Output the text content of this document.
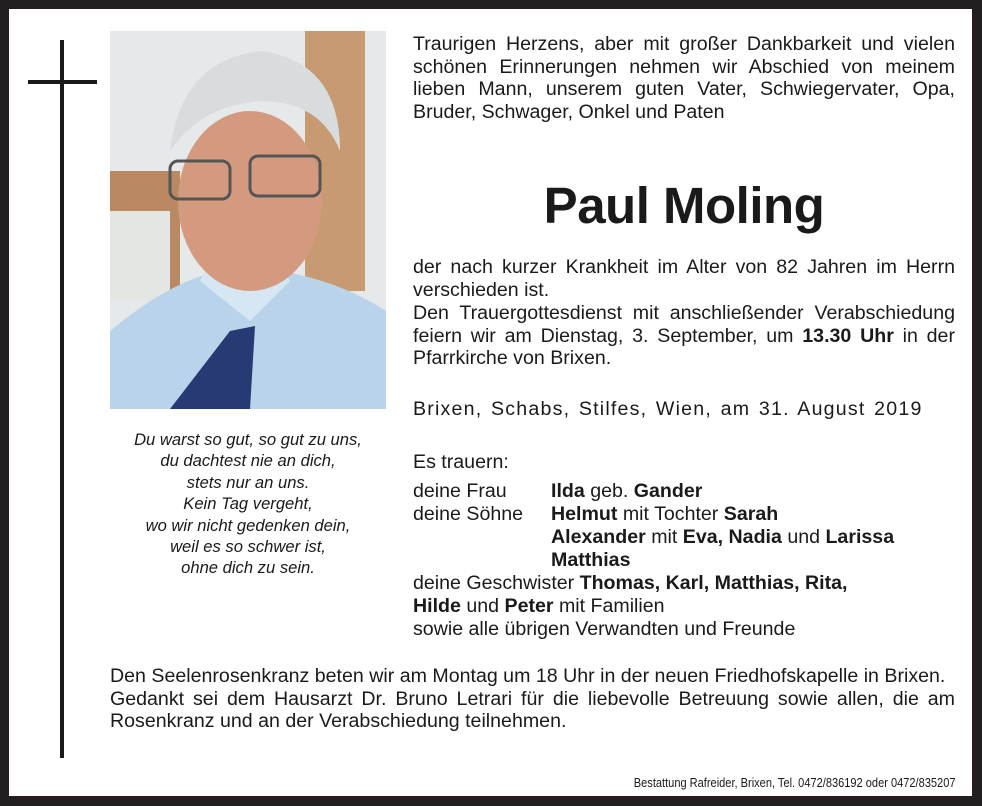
Traurigen Herzens, aber mit großer Dankbarkeit und vielen schönen Erinnerungen nehmen wir Abschied von meinem lieben Mann, unserem guten Vater, Schwiegervater, Opa, Bruder, Schwager, Onkel und Paten
Paul Moling
der nach kurzer Krankheit im Alter von 82 Jahren im Herrn verschieden ist.
Den Trauergottesdienst mit anschließender Verabschiedung feiern wir am Dienstag, 3. September, um 13.30 Uhr in der Pfarrkirche von Brixen.
Brixen, Schabs, Stilfes, Wien, am 31. August 2019
Du warst so gut, so gut zu uns,
du dachtest nie an dich,
stets nur an uns.
Kein Tag vergeht,
wo wir nicht gedenken dein,
weil es so schwer ist,
ohne dich zu sein.
Es trauern:
deine Frau	Ilda geb. Gander
deine Söhne	Helmut mit Tochter Sarah
Alexander mit Eva, Nadia und Larissa
Matthias
deine Geschwister Thomas, Karl, Matthias, Rita,
Hilde und Peter mit Familien
sowie alle übrigen Verwandten und Freunde

Den Seelenrosenkranz beten wir am Montag um 18 Uhr in der neuen Friedhofskapelle in Brixen.

Gedankt sei dem Hausarzt Dr. Bruno Letrari für die liebevolle Betreuung sowie allen, die am Rosenkranz und an der Verabschiedung teilnehmen.

Bestattung Rafreider, Brixen, Tel. 0472/836192 oder 0472/835207
